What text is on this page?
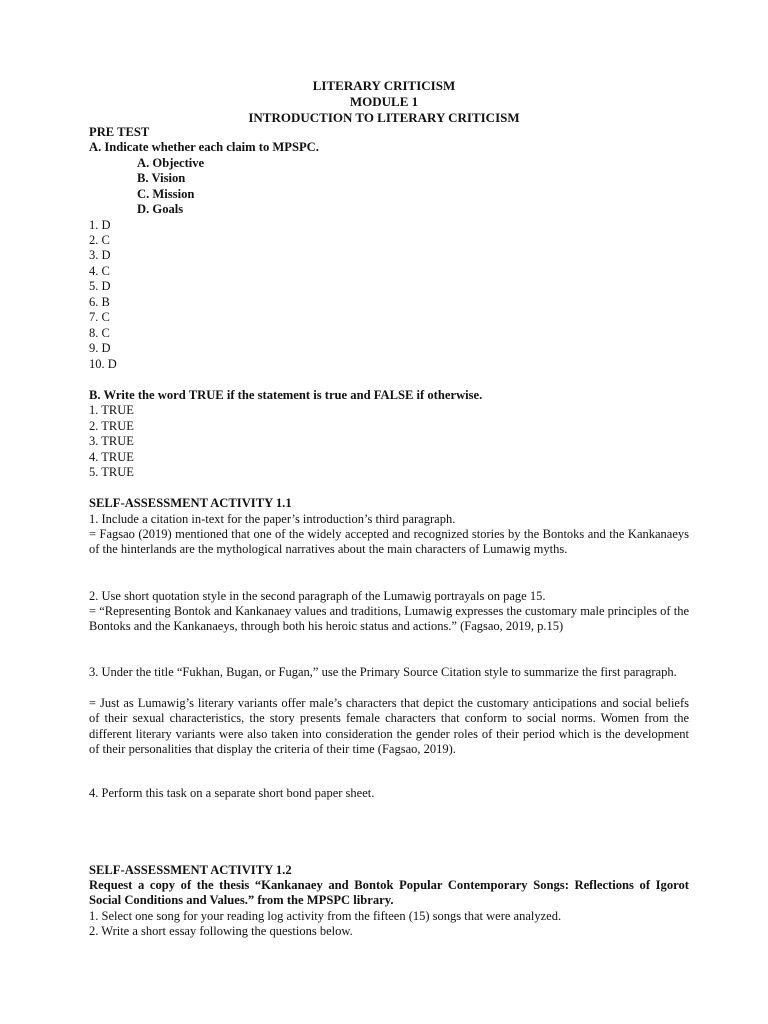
LITERARY CRITICISM
MODULE 1
INTRODUCTION TO LITERARY CRITICISM
PRE TEST
A. Indicate whether each claim to MPSPC.
A. Objective
B. Vision
C. Mission
D. Goals
1. D
2. C
3. D
4. C
5. D
6. B
7. C
8. C
9. D
10. D
B. Write the word TRUE if the statement is true and FALSE if otherwise.
1. TRUE
2. TRUE
3. TRUE
4. TRUE
5. TRUE
SELF-ASSESSMENT ACTIVITY 1.1
1. Include a citation in-text for the paper’s introduction’s third paragraph.
= Fagsao (2019) mentioned that one of the widely accepted and recognized stories by the Bontoks and the Kankanaeys of the hinterlands are the mythological narratives about the main characters of Lumawig myths.
2. Use short quotation style in the second paragraph of the Lumawig portrayals on page 15.
= “Representing Bontok and Kankanaey values and traditions, Lumawig expresses the customary male principles of the Bontoks and the Kankanaeys, through both his heroic status and actions.” (Fagsao, 2019, p.15)
3. Under the title “Fukhan, Bugan, or Fugan,” use the Primary Source Citation style to summarize the first paragraph.
= Just as Lumawig’s literary variants offer male’s characters that depict the customary anticipations and social beliefs of their sexual characteristics, the story presents female characters that conform to social norms. Women from the different literary variants were also taken into consideration the gender roles of their period which is the development of their personalities that display the criteria of their time (Fagsao, 2019).
4. Perform this task on a separate short bond paper sheet.
SELF-ASSESSMENT ACTIVITY 1.2
Request a copy of the thesis “Kankanaey and Bontok Popular Contemporary Songs: Reflections of Igorot Social Conditions and Values.” from the MPSPC library.
1. Select one song for your reading log activity from the fifteen (15) songs that were analyzed.
2. Write a short essay following the questions below.
